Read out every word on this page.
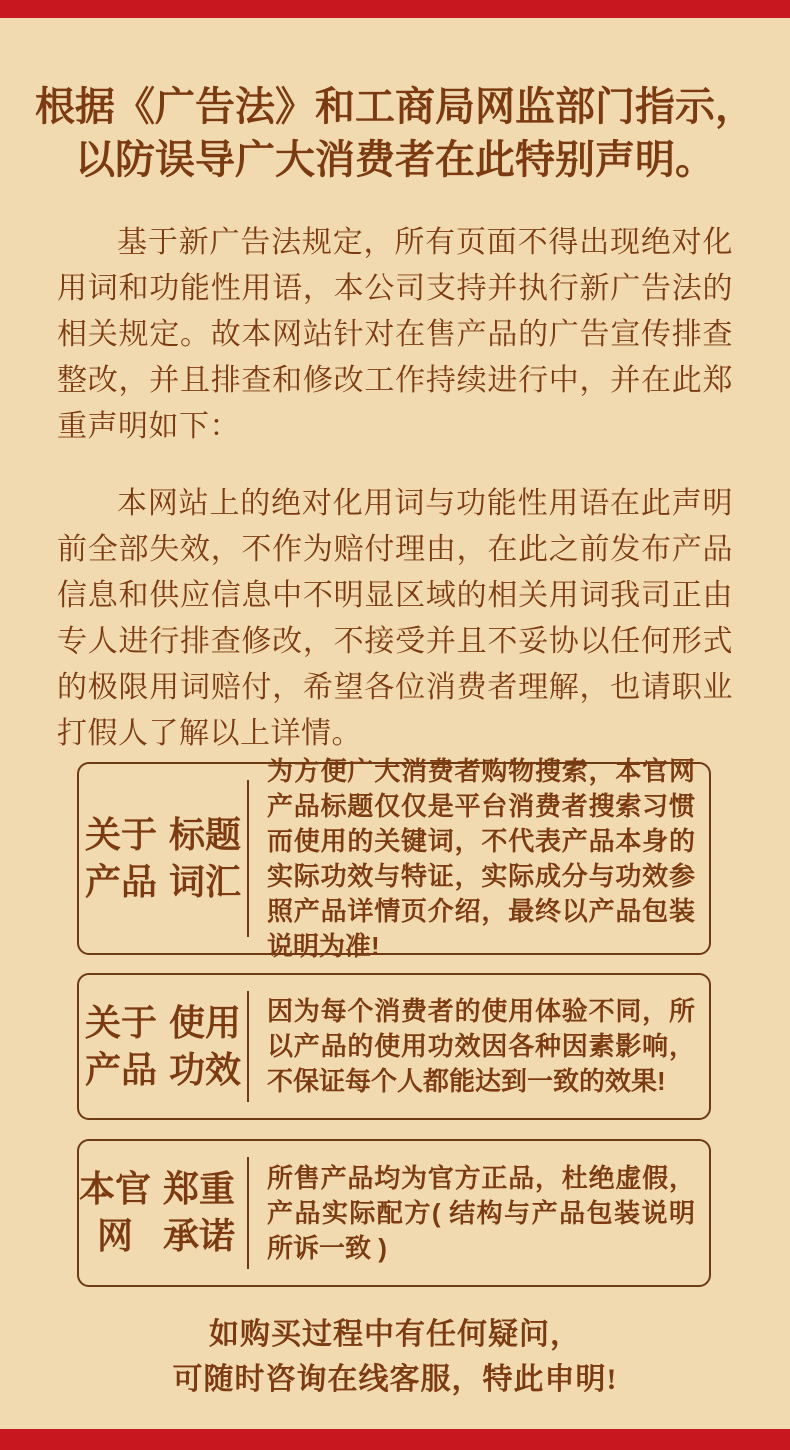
根据《广告法》和工商局网监部门指示，
以防误导广大消费者在此特别声明。

基于新广告法规定，所有页面不得出现绝对化用词和功能性用语，本公司支持并执行新广告法的相关规定。故本网站针对在售产品的广告宣传排查整改，并且排查和修改工作持续进行中，并在此郑重声明如下：

本网站上的绝对化用词与功能性用语在此声明前全部失效，不作为赔付理由，在此之前发布产品信息和供应信息中不明显区域的相关用词我司正由专人进行排查修改，不接受并且不妥协以任何形式的极限用词赔付，希望各位消费者理解，也请职业打假人了解以上详情。

关于产品

标题词汇
为方便广大消费者购物搜索，本官网产品标题仅仅是平台消费者搜索习惯而使用的关键词，不代表产品本身的实际功效与特证，实际成分与功效参照产品详情页介绍，最终以产品包装说明为准!
关于产品

使用功效
因为每个消费者的使用体验不同，所以产品的使用功效因各种因素影响，不保证每个人都能达到一致的效果!
本官网

郑重承诺
所售产品均为官方正品，杜绝虚假，产品实际配方( 结构与产品包装说明所诉一致 )
如购买过程中有任何疑问，
可随时咨询在线客服，特此申明!
